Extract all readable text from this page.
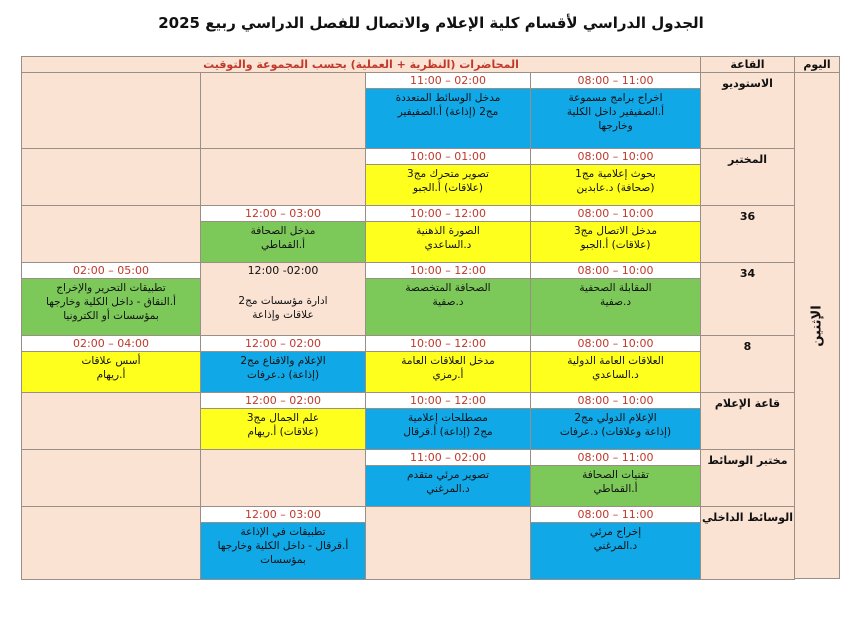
الجدول الدراسي لأقسام كلية الإعلام والاتصال للفصل الدراسي ربيع 2025
اليوم
القاعة
المحاضرات (النظرية + العملية) بحسب المجموعة والتوقيت
الإثنين
الاستوديو
08:00 – 11:00
اخراج برامج مسموعة
أ.الصفيفير داخل الكلية
وخارجها
11:00 – 02:00
مدخل الوسائط المتعددة
مج2 (إذاعة) أ.الصفيفير
المختبر
08:00 – 10:00
بحوث إعلامية مج1
(صحافة) د.عابدين
10:00 – 01:00
تصوير متحرك مج3
(علاقات) أ.الجبو
36
08:00 – 10:00
مدخل الاتصال مج3
(علاقات) أ.الجبو
10:00 – 12:00
الصورة الذهنية
د.الساعدي
12:00 – 03:00
مدخل الصحافة
أ.القماطي
34
08:00 – 10:00
المقابلة الصحفية
د.صفية
10:00 – 12:00
الصحافة المتخصصة
د.صفية
12:00 -02:00
ادارة مؤسسات مج2
علاقات وإذاعة
02:00 – 05:00
تطبيقات التحرير والإخراج
أ.النقاق - داخل الكلية وخارجها
بمؤسسات أو الكترونيا
8
08:00 – 10:00
العلاقات العامة الدولية
د.الساعدي
10:00 – 12:00
مدخل العلاقات العامة
أ.رمزي
12:00 – 02:00
الإعلام والاقناع مج2
(إذاعة) د.عرفات
02:00 – 04:00
أسس علاقات
أ.ريهام
قاعة الإعلام
08:00 – 10:00
الإعلام الدولي مج2
(إذاعة وعلاقات) د.عرفات
10:00 – 12:00
مصطلحات إعلامية
مج2 (إذاعة) أ.قرقال
12:00 – 02:00
علم الجمال مج3
(علاقات) أ.ريهام
مختبر الوسائط
08:00 – 11:00
تقنيات الصحافة
أ.القماطي
11:00 – 02:00
تصوير مرئي متقدم
د.المرغني
الوسائط الداخلي
08:00 – 11:00
إخراج مرئي
د.المرغني
12:00 – 03:00
تطبيقات في الإذاعة
أ.قرقال - داخل الكلية وخارجها
بمؤسسات
